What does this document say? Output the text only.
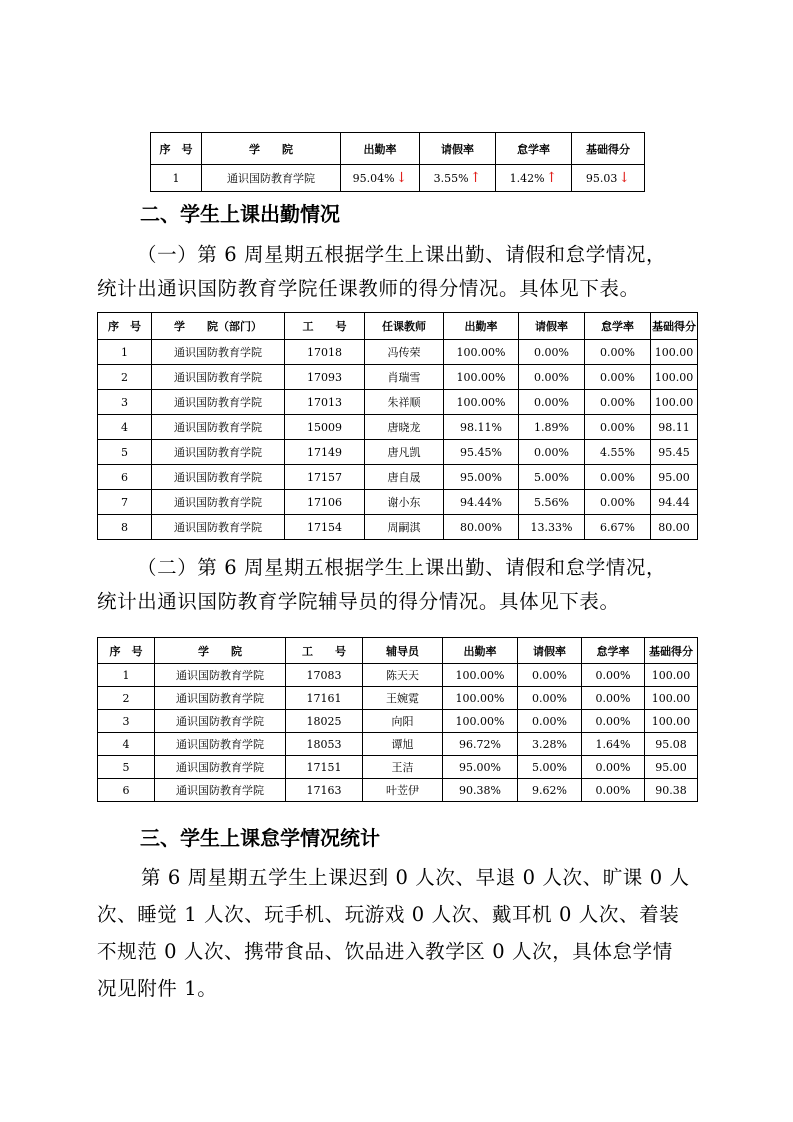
序　号	学　　院	出勤率	请假率	怠学率	基础得分
1	通识国防教育学院	95.04%↓	3.55%↑	1.42%↑	95.03↓
二、学生上课出勤情况
（一）第 6 周星期五根据学生上课出勤、请假和怠学情况，
统计出通识国防教育学院任课教师的得分情况。具体见下表。
序　号	学　　院（部门）	工　　号	任课教师	出勤率	请假率	怠学率	基础得分
1	通识国防教育学院	17018	冯传荣	100.00%	0.00%	0.00%	100.00
2	通识国防教育学院	17093	肖瑞雪	100.00%	0.00%	0.00%	100.00
3	通识国防教育学院	17013	朱祥顺	100.00%	0.00%	0.00%	100.00
4	通识国防教育学院	15009	唐晓龙	98.11%	1.89%	0.00%	98.11
5	通识国防教育学院	17149	唐凡凯	95.45%	0.00%	4.55%	95.45
6	通识国防教育学院	17157	唐自晟	95.00%	5.00%	0.00%	95.00
7	通识国防教育学院	17106	谢小东	94.44%	5.56%	0.00%	94.44
8	通识国防教育学院	17154	周嗣淇	80.00%	13.33%	6.67%	80.00
（二）第 6 周星期五根据学生上课出勤、请假和怠学情况，
统计出通识国防教育学院辅导员的得分情况。具体见下表。
序　号	学　　院	工　　号	辅导员	出勤率	请假率	怠学率	基础得分
1	通识国防教育学院	17083	陈天天	100.00%	0.00%	0.00%	100.00
2	通识国防教育学院	17161	王婉霓	100.00%	0.00%	0.00%	100.00
3	通识国防教育学院	18025	向阳	100.00%	0.00%	0.00%	100.00
4	通识国防教育学院	18053	谭旭	96.72%	3.28%	1.64%	95.08
5	通识国防教育学院	17151	王洁	95.00%	5.00%	0.00%	95.00
6	通识国防教育学院	17163	叶苙伊	90.38%	9.62%	0.00%	90.38
三、学生上课怠学情况统计
第 6 周星期五学生上课迟到 0 人次、早退 0 人次、旷课 0 人
次、睡觉 1 人次、玩手机、玩游戏 0 人次、戴耳机 0 人次、着装
不规范 0 人次、携带食品、饮品进入教学区 0 人次，具体怠学情
况见附件 1。
